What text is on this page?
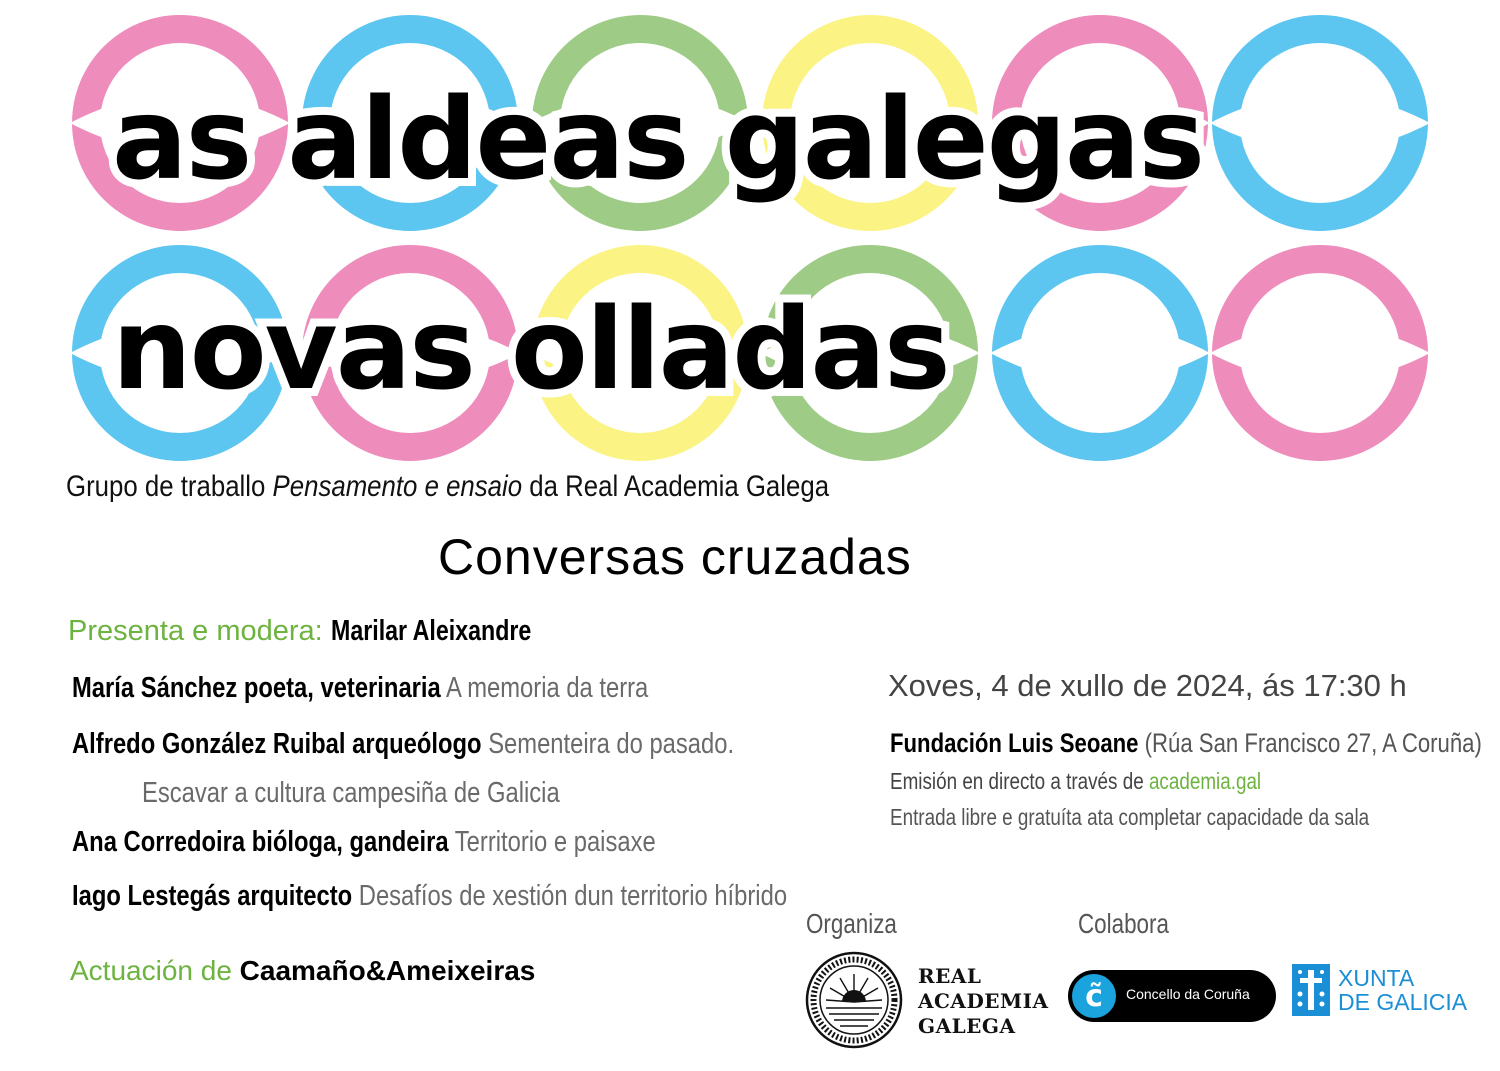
as aldeas galegas
novas olladas
Grupo de traballo Pensamento e ensaio da Real Academia Galega
Conversas cruzadas
Presenta e modera: Marilar Aleixandre
María Sánchez poeta, veterinaria A memoria da terra
Alfredo González Ruibal arqueólogo Sementeira do pasado.
Escavar a cultura campesiña de Galicia
Ana Corredoira bióloga, gandeira Territorio e paisaxe
Iago Lestegás arquitecto Desafíos de xestión dun territorio híbrido
Actuación de Caamaño&Ameixeiras
Xoves, 4 de xullo de 2024, ás 17:30 h
Fundación Luis Seoane (Rúa San Francisco 27, A Coruña)
Emisión en directo a través de academia.gal
Entrada libre e gratuíta ata completar capacidade da sala
Organiza
REAL
ACADEMIA
GALEGA
Colabora
c̃	Concello da Coruña
XUNTA
DE GALICIA
